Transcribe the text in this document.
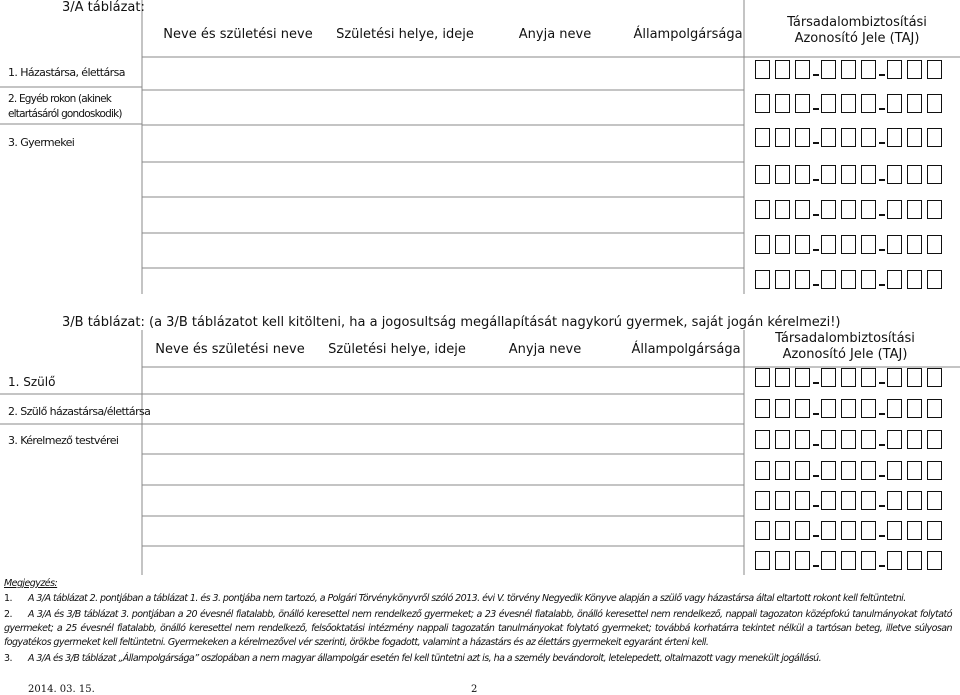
3/A táblázat:
Neve és születési neve	Születési helye, ideje	Anyja neve	Állampolgársága
Társadalombiztosítási
Azonosító Jele (TAJ)
1. Házastársa, élettársa
2. Egyéb rokon (akinek eltartásáról gondoskodik)
3. Gyermekei
3/B táblázat: (a 3/B táblázatot kell kitölteni, ha a jogosultság megállapítását nagykorú gyermek, saját jogán kérelmezi!)
Neve és születési neve	Születési helye, ideje	Anyja neve	Állampolgársága
Társadalombiztosítási
Azonosító Jele (TAJ)
1. Szülő
2. Szülő házastársa/élettársa
3. Kérelmező testvérei
Megjegyzés:
1. A 3/A táblázat 2. pontjában a táblázat 1. és 3. pontjába nem tartozó, a Polgári Törvénykönyvről szóló 2013. évi V. törvény Negyedik Könyve alapján a szülő vagy házastársa által eltartott rokont kell feltüntetni.
2.	A 3/A és 3/B táblázat 3. pontjában a 20 évesnél fiatalabb, önálló keresettel nem rendelkező gyermeket; a 23 évesnél fiatalabb, önálló keresettel nem rendelkező, nappali tagozaton középfokú tanulmányokat folytató gyermeket; a 25 évesnél fiatalabb, önálló keresettel nem rendelkező, felsőoktatási intézmény nappali tagozatán tanulmányokat folytató gyermeket; továbbá korhatárra tekintet nélkül a tartósan beteg, illetve súlyosan fogyatékos gyermeket kell feltüntetni. Gyermekeken a kérelmezővel vér szerinti, örökbe fogadott, valamint a házastárs és az élettárs gyermekeit egyaránt érteni kell.
3. A 3/A és 3/B táblázat „Állampolgársága” oszlopában a nem magyar állampolgár esetén fel kell tüntetni azt is, ha a személy bevándorolt, letelepedett, oltalmazott vagy menekült jogállású.
2014. 03. 15.	2
